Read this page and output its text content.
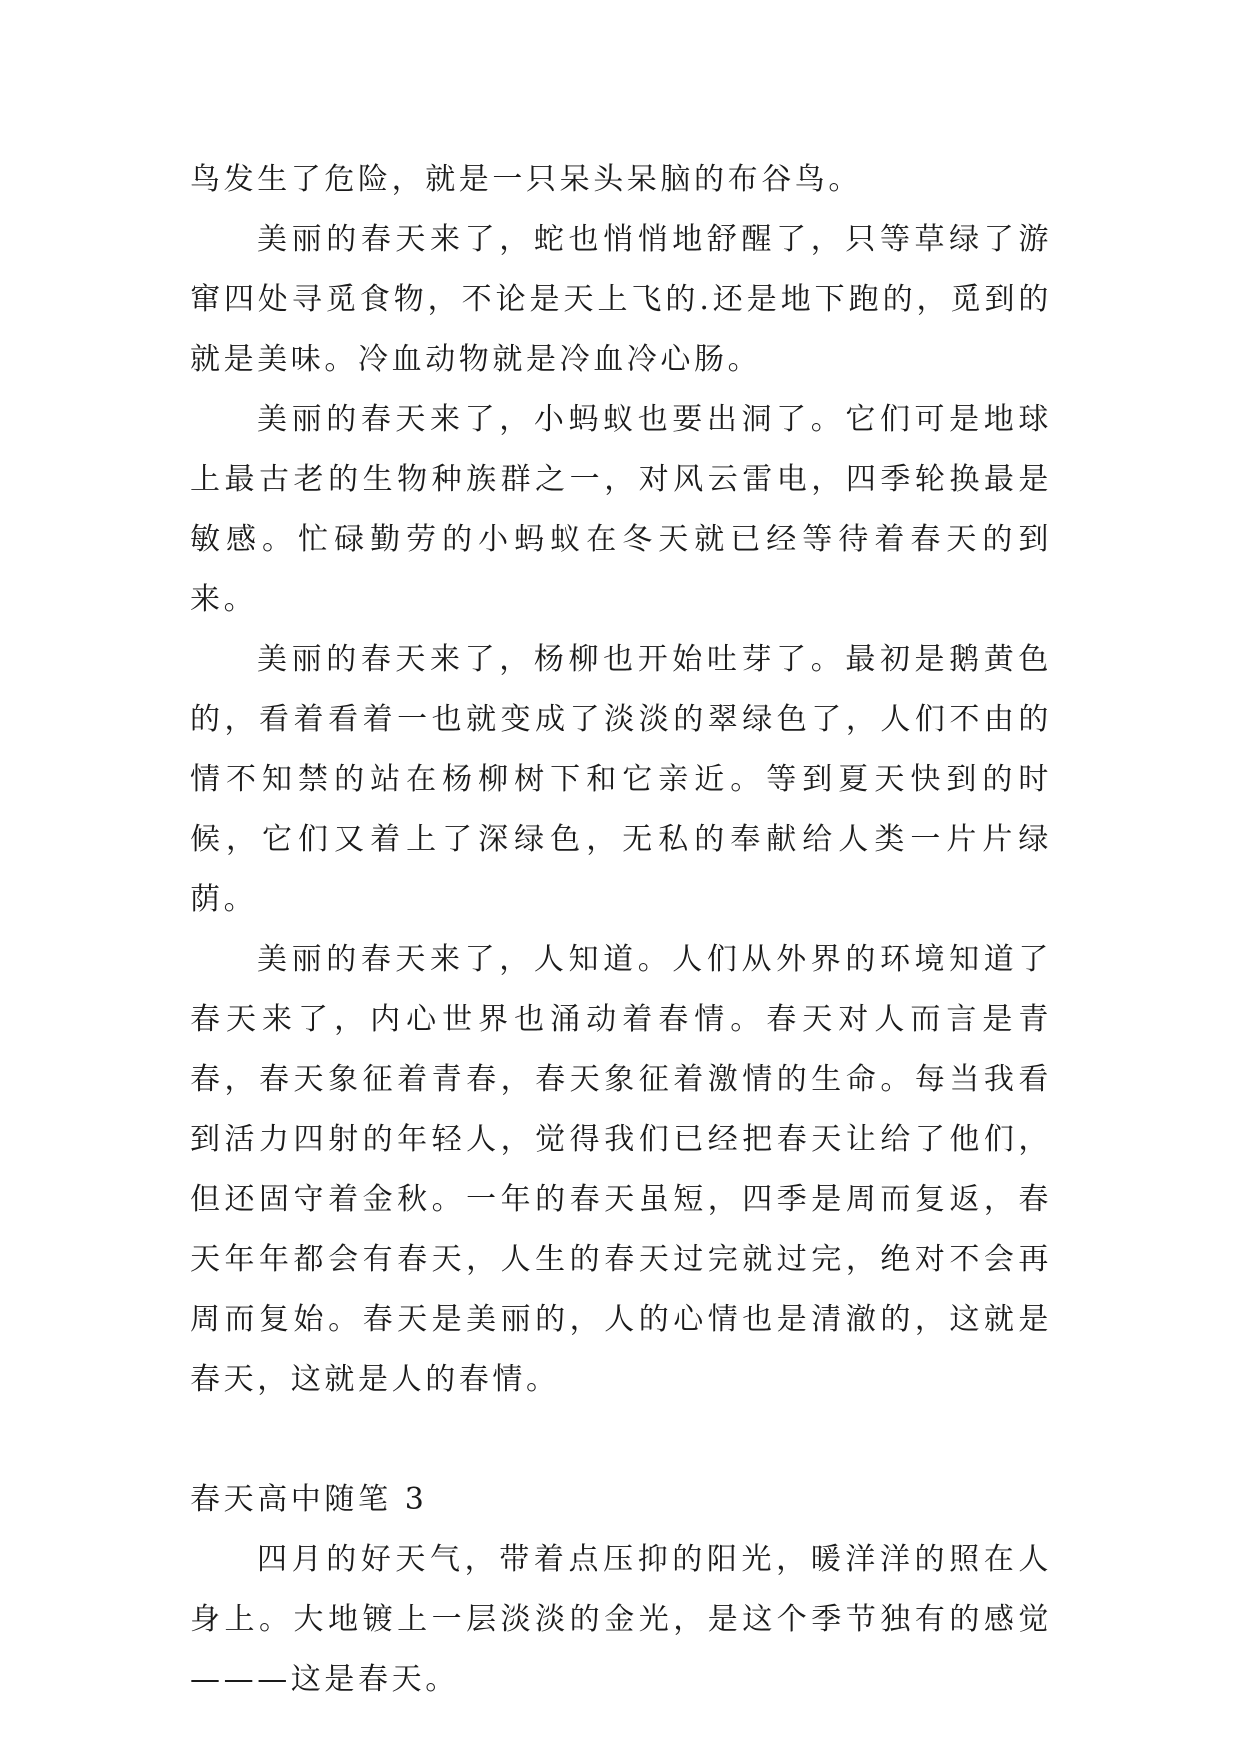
鸟发生了危险，就是一只呆头呆脑的布谷鸟。

美丽的春天来了，蛇也悄悄地舒醒了，只等草绿了游窜四处寻觅食物，不论是天上飞的.还是地下跑的，觅到的就是美味。冷血动物就是冷血冷心肠。

美丽的春天来了，小蚂蚁也要出洞了。它们可是地球上最古老的生物种族群之一，对风云雷电，四季轮换最是敏感。忙碌勤劳的小蚂蚁在冬天就已经等待着春天的到来。

美丽的春天来了，杨柳也开始吐芽了。最初是鹅黄色的，看着看着一也就变成了淡淡的翠绿色了，人们不由的情不知禁的站在杨柳树下和它亲近。等到夏天快到的时候，它们又着上了深绿色，无私的奉献给人类一片片绿荫。

美丽的春天来了，人知道。人们从外界的环境知道了春天来了，内心世界也涌动着春情。春天对人而言是青春，春天象征着青春，春天象征着激情的生命。每当我看到活力四射的年轻人，觉得我们已经把春天让给了他们，但还固守着金秋。一年的春天虽短，四季是周而复返，春天年年都会有春天，人生的春天过完就过完，绝对不会再周而复始。春天是美丽的，人的心情也是清澈的，这就是春天，这就是人的春情。

春天高中随笔 3

四月的好天气，带着点压抑的阳光，暖洋洋的照在人身上。大地镀上一层淡淡的金光，是这个季节独有的感觉———这是春天。
